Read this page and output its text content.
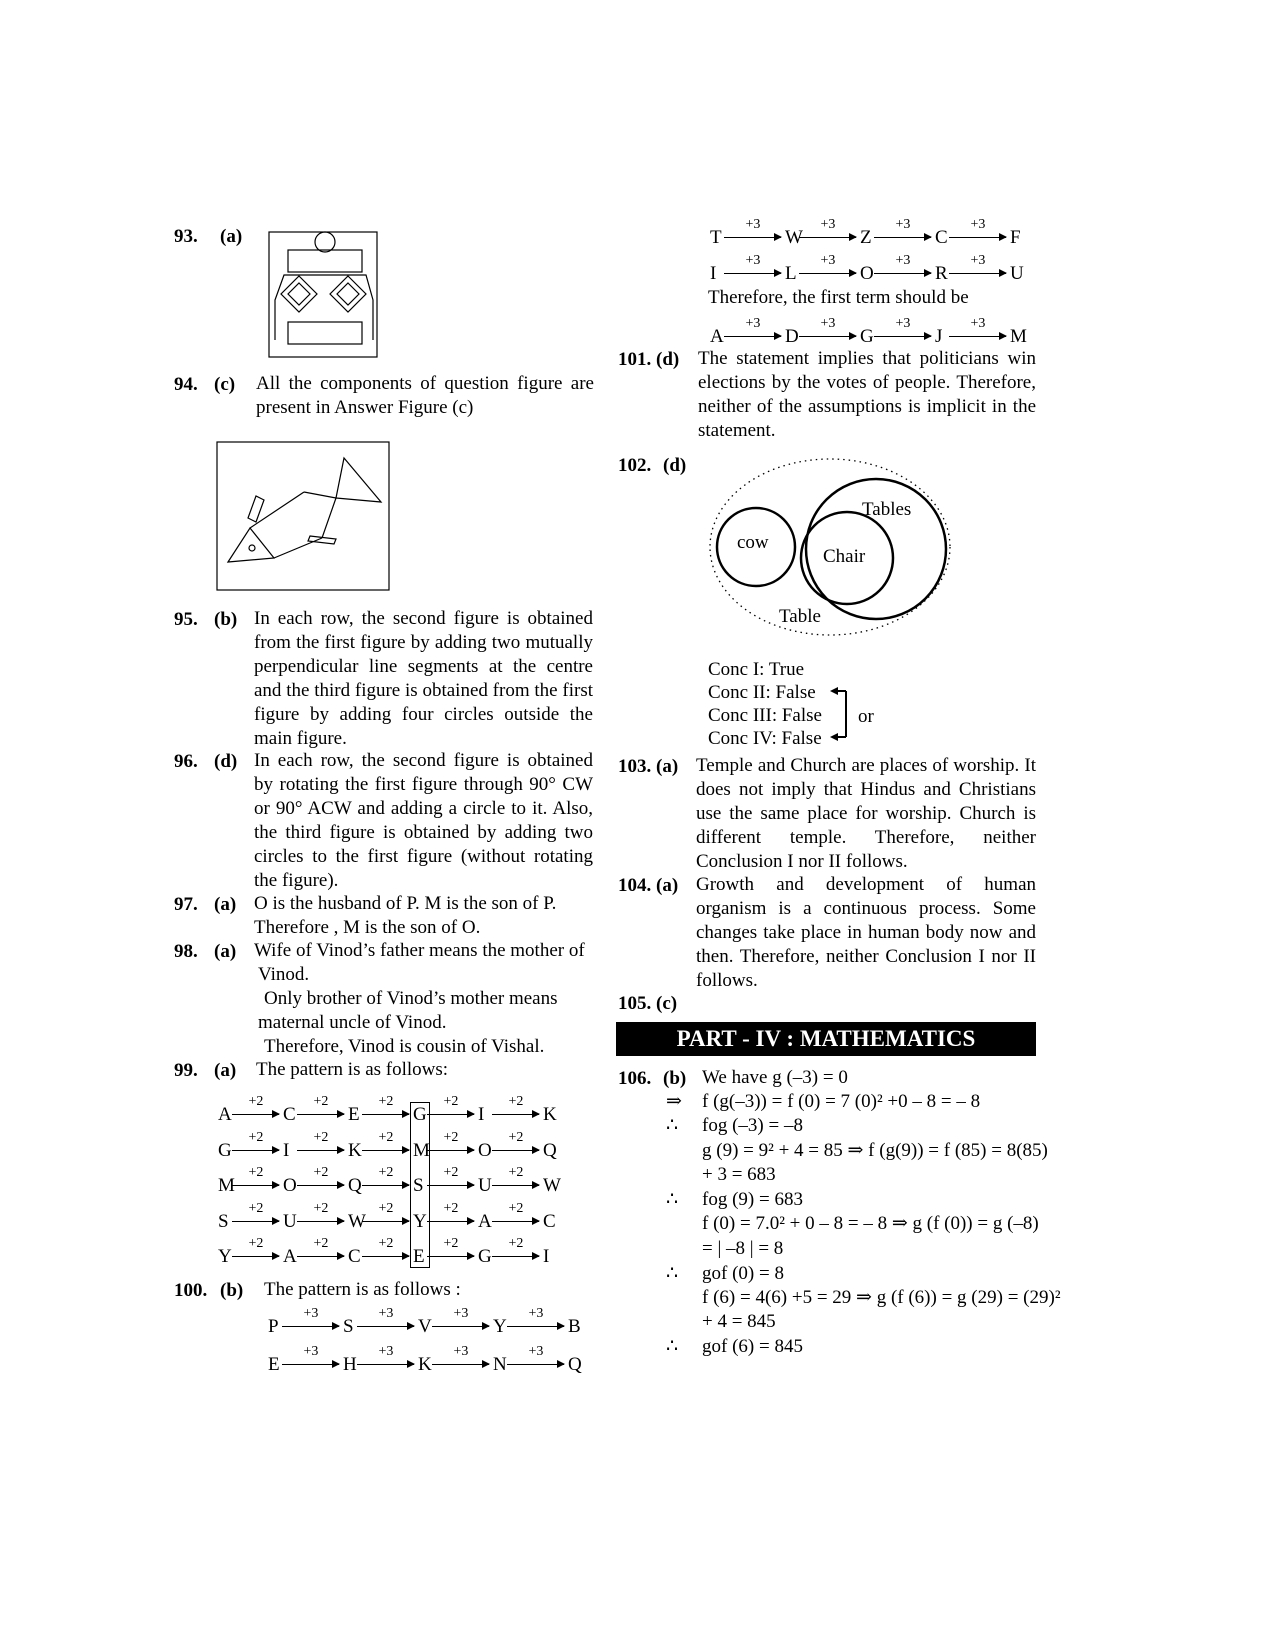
93. (a)
94. (c) All the components of question figure are present in Answer Figure (c)
95. (b) In each row, the second figure is obtained from the first figure by adding two mutually perpendicular line segments at the centre and the third figure is obtained from the first figure by adding four circles outside the main figure.
96. (d) In each row, the second figure is obtained by rotating the first figure through 90° CW or 90° ACW and adding a circle to it. Also, the third figure is obtained by adding two circles to the first figure (without rotating the figure).
97. (a) O is the husband of P. M is the son of P.
Therefore , M is the son of O.
98. (a) Wife of Vinod’s father means the mother of
Vinod.
Only brother of Vinod’s mother means
maternal uncle of Vinod.
Therefore, Vinod is cousin of Vishal.
99. (a) The pattern is as follows:
A
+2
C
+2
E
+2
G
+2
I
+2
K
G
+2
I
+2
K
+2
M
+2
O
+2
Q
M
+2
O
+2
Q
+2
S
+2
U
+2
W
S
+2
U
+2
W
+2
Y
+2
A
+2
C
Y
+2
A
+2
C
+2
E
+2
G
+2
I
100. (b) The pattern is as follows :
P
+3
S
+3
V
+3
Y
+3
B
E
+3
H
+3
K
+3
N
+3
Q
T
+3
W
+3
Z
+3
C
+3
F
I
+3
L
+3
O
+3
R
+3
U
A
+3
D
+3
G
+3
J
+3
M
Therefore, the first term should be
101. (d) The statement implies that politicians win elections by the votes of people. Therefore, neither of the assumptions is implicit in the statement.
102. (d)
cow
Tables
Chair
Table
Conc I: True
Conc II: False
Conc III: False
Conc IV: False
or
103. (a) Temple and Church are places of worship. It does not imply that Hindus and Christians use the same place for worship. Church is different temple. Therefore, neither Conclusion I nor II follows.
104. (a) Growth and development of human organism is a continuous process. Some changes take place in human body now and then. Therefore, neither Conclusion I nor II follows.
105. (c)
PART - IV : MATHEMATICS
106. (b) We have g (–3) = 0
⇒ f (g(–3)) = f (0) = 7 (0)² +0 – 8 = – 8
∴ fog (–3) = –8
g (9) = 9² + 4 = 85 ⇒ f (g(9)) = f (85) = 8(85)
+ 3 = 683
∴ fog (9) = 683
f (0) = 7.0² + 0 – 8 = – 8 ⇒ g (f (0)) = g (–8)
= | –8 | = 8
∴ gof (0) = 8
f (6) = 4(6) +5 = 29 ⇒ g (f (6)) = g (29) = (29)²
+ 4 = 845
∴ gof (6) = 845
